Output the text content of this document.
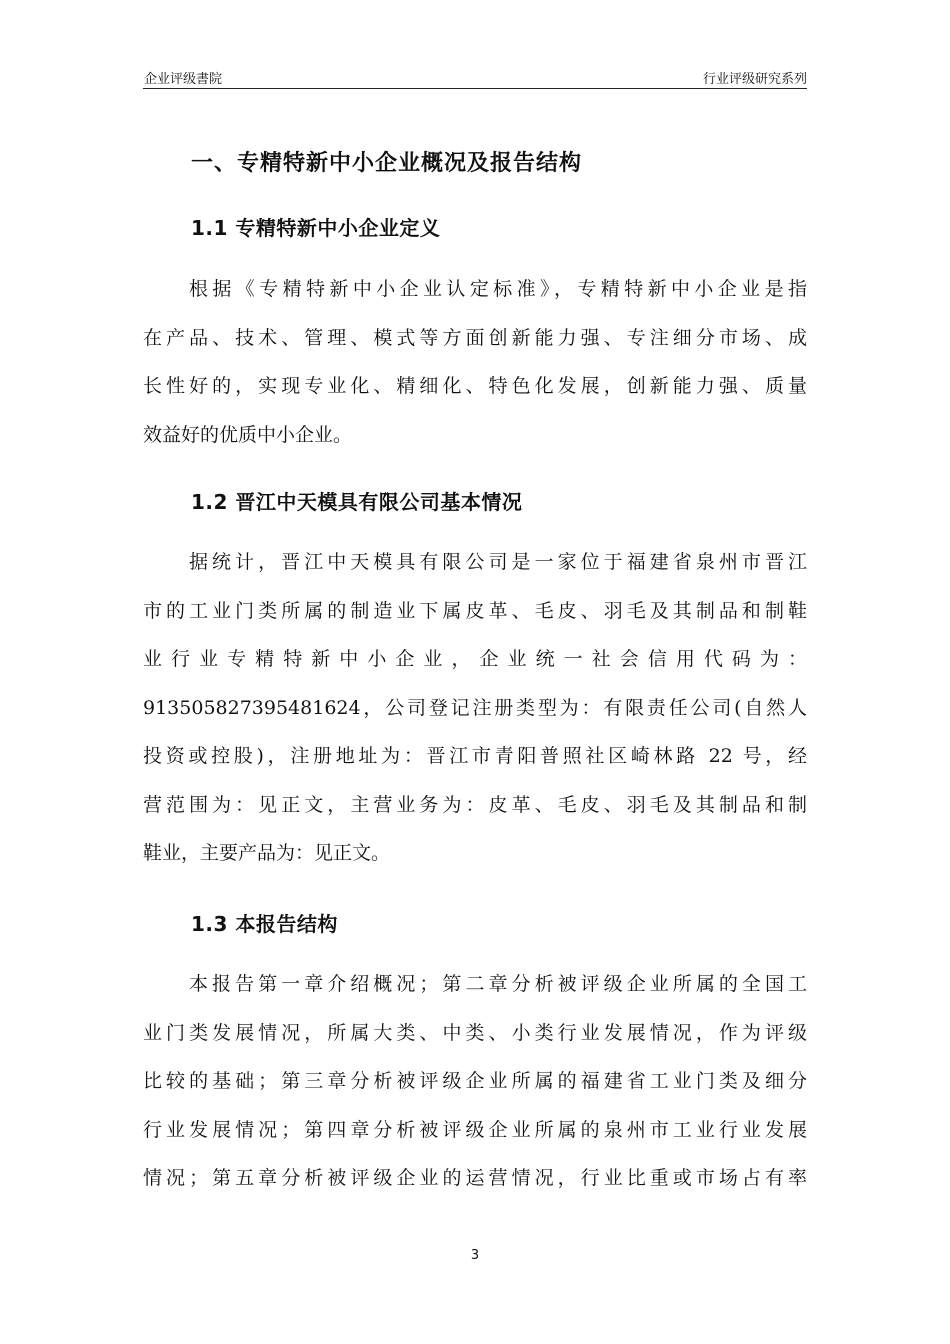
企业评级書院	行业评级研究系列
一、专精特新中小企业概况及报告结构
1.1 专精特新中小企业定义
根据《专精特新中小企业认定标准》，专精特新中小企业是指
在产品、技术、管理、模式等方面创新能力强、专注细分市场、成
长性好的，实现专业化、精细化、特色化发展，创新能力强、质量
效益好的优质中小企业。
1.2 晋江中天模具有限公司基本情况
据统计，晋江中天模具有限公司是一家位于福建省泉州市晋江
市的工业门类所属的制造业下属皮革、毛皮、羽毛及其制品和制鞋
业行业专精特新中小企业，企业统一社会信用代码为：
913505827395481624，公司登记注册类型为：有限责任公司(自然人
投资或控股)，注册地址为：晋江市青阳普照社区崎林路 22 号，经
营范围为：见正文，主营业务为：皮革、毛皮、羽毛及其制品和制
鞋业，主要产品为：见正文。
1.3 本报告结构
本报告第一章介绍概况；第二章分析被评级企业所属的全国工
业门类发展情况，所属大类、中类、小类行业发展情况，作为评级
比较的基础；第三章分析被评级企业所属的福建省工业门类及细分
行业发展情况；第四章分析被评级企业所属的泉州市工业行业发展
情况；第五章分析被评级企业的运营情况，行业比重或市场占有率
3
